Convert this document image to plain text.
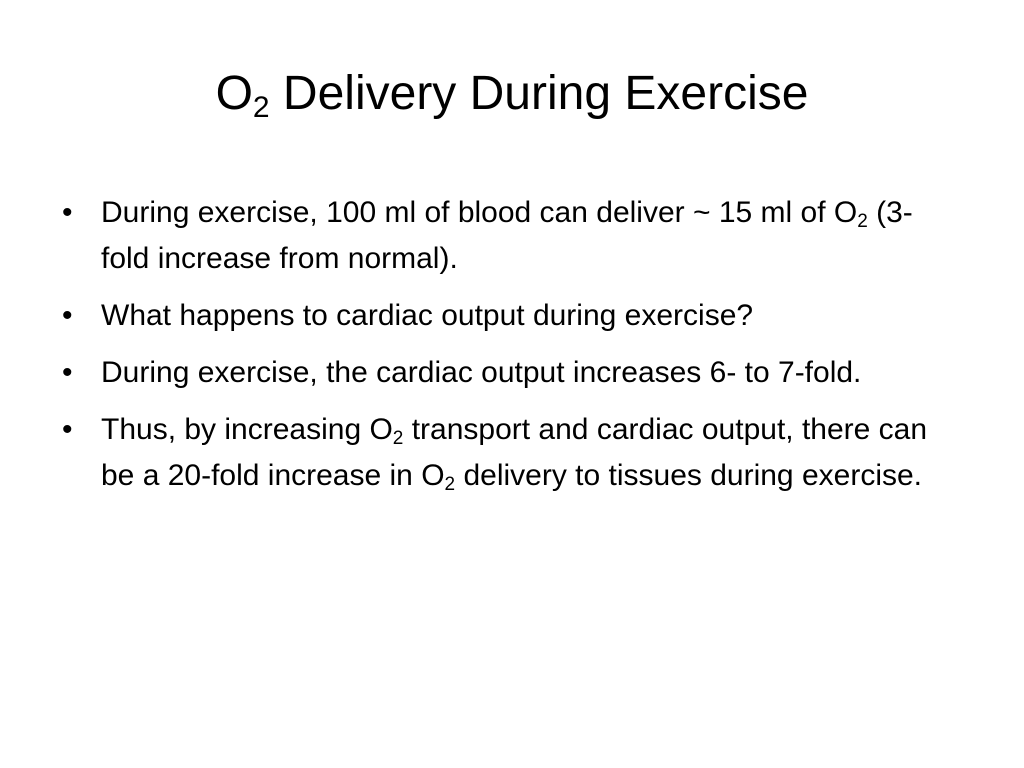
$O_2$ Delivery During Exercise
• During exercise, 100 ml of blood can deliver ~ 15 ml of $O_2$ (3-fold increase from normal).
• What happens to cardiac output during exercise?
• During exercise, the cardiac output increases 6- to 7-fold.
• Thus, by increasing $O_2$ transport and cardiac output, there can be a 20-fold increase in $O_2$ delivery to tissues during exercise.
